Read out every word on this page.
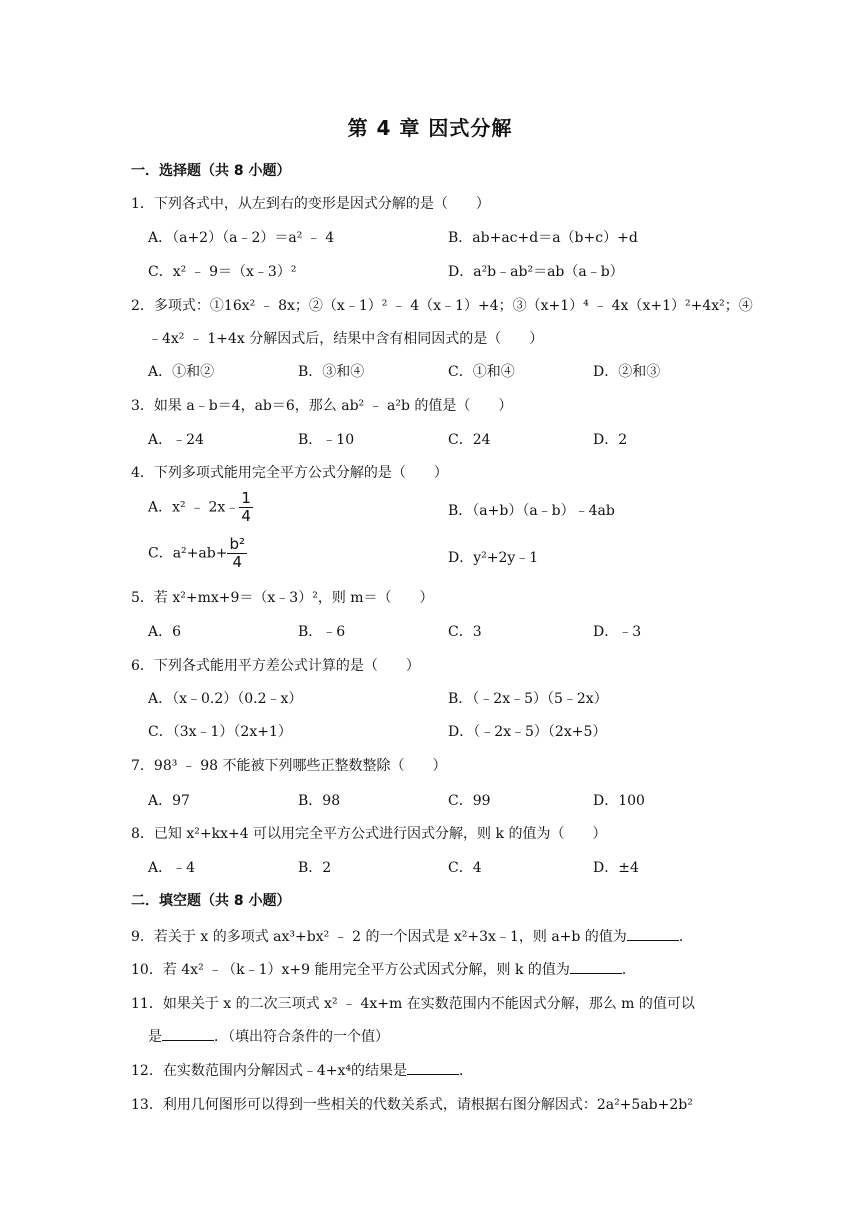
第 4 章 因式分解
一．选择题（共 8 小题）
1．下列各式中，从左到右的变形是因式分解的是（　　）
A．（a+2）（a﹣2）＝a² ﹣ 4	B．ab+ac+d＝a（b+c）+d
C．x² ﹣ 9＝（x﹣3）²	D．a²b﹣ab²＝ab（a﹣b）
2．多项式：①16x² ﹣ 8x；②（x﹣1）² ﹣ 4（x﹣1）+4；③（x+1）⁴ ﹣ 4x（x+1）²+4x²；④
﹣4x² ﹣ 1+4x 分解因式后，结果中含有相同因式的是（　　）
A．①和②	B．③和④	C．①和④	D．②和③
3．如果 a﹣b＝4，ab＝6，那么 ab² ﹣ a²b 的值是（　　）
A．﹣24	B．﹣10	C．24	D．2
4．下列多项式能用完全平方公式分解的是（　　）
A．x² ﹣ 2x﹣ $\frac{1}{4}$	B．（a+b）（a﹣b）﹣4ab
C．$a^2+ab+ \frac{\text{b²}}{4}$	D．y²+2y﹣1
5．若 x²+mx+9＝（x﹣3）²，则 m＝（　　）
A．6	B．﹣6	C．3	D．﹣3
6．下列各式能用平方差公式计算的是（　　）
A．（x﹣0.2）（0.2﹣x）	B．（﹣2x﹣5）（5﹣2x）
C．（3x﹣1）（2x+1）	D．（﹣2x﹣5）（2x+5）
7．98³ ﹣ 98 不能被下列哪些正整数整除（　　）
A．97	B．98	C．99	D．100
8．已知 x²+kx+4 可以用完全平方公式进行因式分解，则 k 的值为（　　）
A．﹣4	B．2	C．4	D．±4
二．填空题（共 8 小题）
9．若关于 x 的多项式 ax³+bx² ﹣ 2 的一个因式是 x²+3x﹣1，则 a+b 的值为	．
10．若 4x² ﹣（k﹣1）x+9 能用完全平方公式因式分解，则 k 的值为	．
11．如果关于 x 的二次三项式 x² ﹣ 4x+m 在实数范围内不能因式分解，那么 m 的值可以
是	．（填出符合条件的一个值）
12．在实数范围内分解因式﹣4+x⁴的结果是	．
13．利用几何图形可以得到一些相关的代数关系式，请根据右图分解因式：2a²+5ab+2b²
